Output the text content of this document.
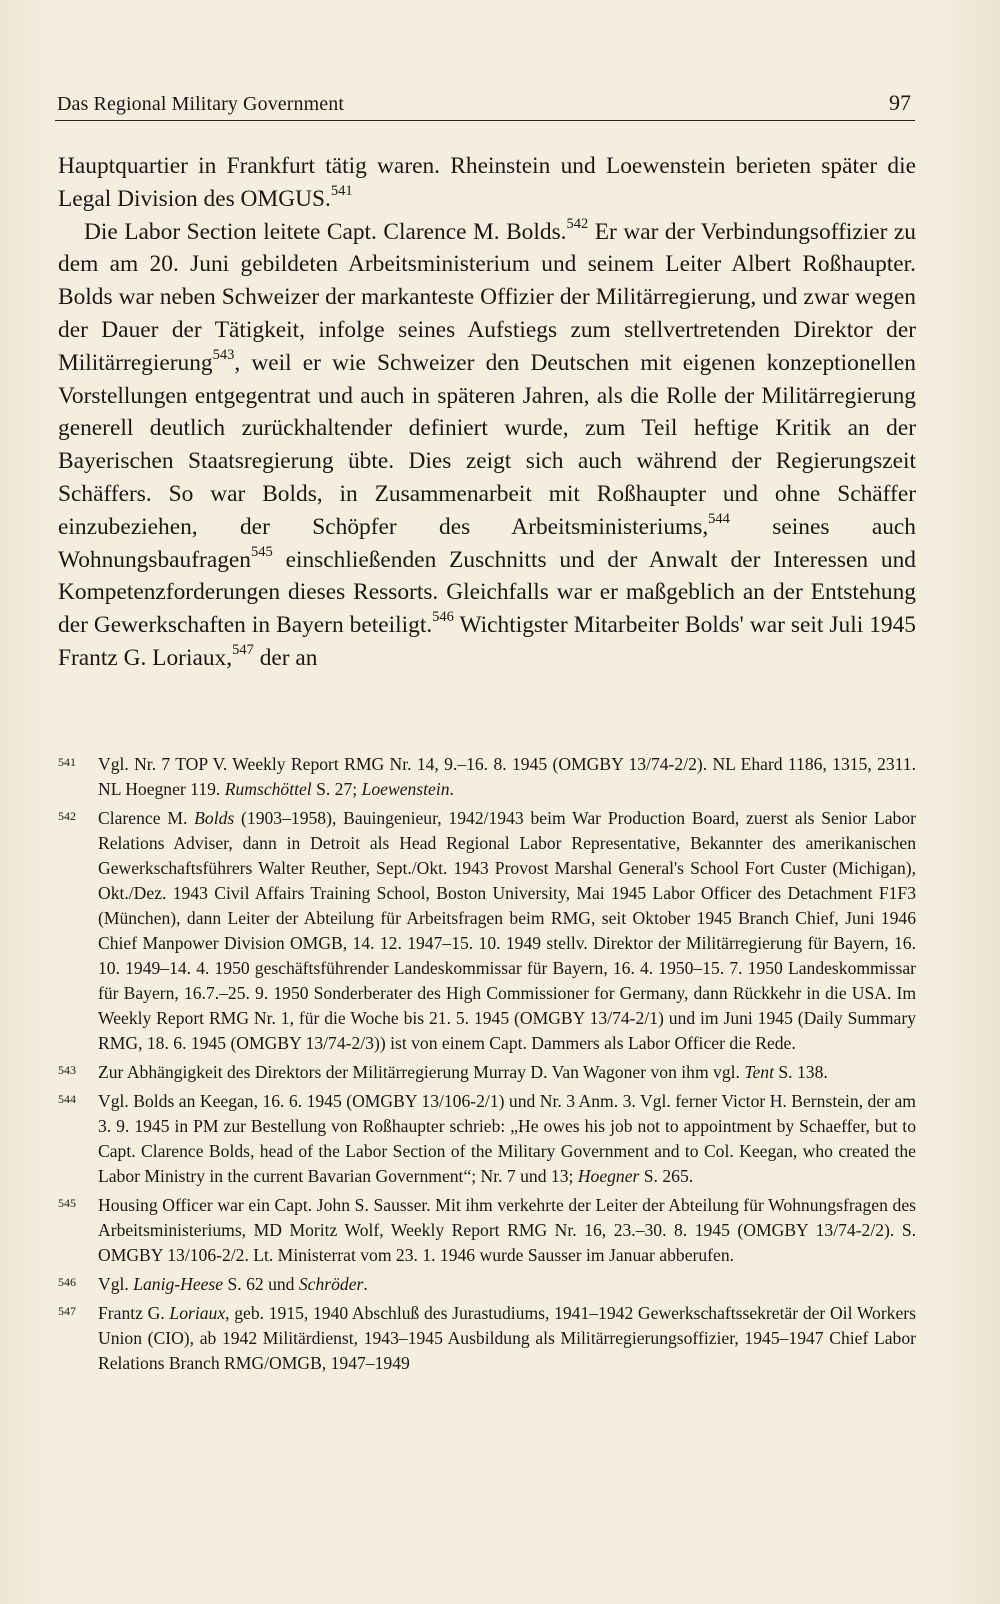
Das Regional Military Government	97

Hauptquartier in Frankfurt tätig waren. Rheinstein und Loewenstein berieten später die Legal Division des OMGUS.$^{541}$

Die Labor Section leitete Capt. Clarence M. Bolds.$^{542}$ Er war der Verbindungsoffizier zu dem am 20. Juni gebildeten Arbeitsministerium und seinem Leiter Albert Roßhaupter. Bolds war neben Schweizer der markanteste Offizier der Militärregierung, und zwar wegen der Dauer der Tätigkeit, infolge seines Aufstiegs zum stellvertretenden Direktor der Militärregierung$^{543}$, weil er wie Schweizer den Deutschen mit eigenen konzeptionellen Vorstellungen entgegentrat und auch in späteren Jahren, als die Rolle der Militärregierung generell deutlich zurückhaltender definiert wurde, zum Teil heftige Kritik an der Bayerischen Staatsregierung übte. Dies zeigt sich auch während der Regierungszeit Schäffers. So war Bolds, in Zusammenarbeit mit Roßhaupter und ohne Schäffer einzubeziehen, der Schöpfer des Arbeitsministeriums,$^{544}$ seines auch Wohnungsbaufragen$^{545}$ einschließenden Zuschnitts und der Anwalt der Interessen und Kompetenzforderungen dieses Ressorts. Gleichfalls war er maßgeblich an der Entstehung der Gewerkschaften in Bayern beteiligt.$^{546}$ Wichtigster Mitarbeiter Bolds' war seit Juli 1945 Frantz G. Loriaux,$^{547}$ der an

541 Vgl. Nr. 7 TOP V. Weekly Report RMG Nr. 14, 9.–16. 8. 1945 (OMGBY 13/74-2/2). NL Ehard 1186, 1315, 2311. NL Hoegner 119. Rumschöttel S. 27; Loewenstein.
542 Clarence M. Bolds (1903–1958), Bauingenieur, 1942/1943 beim War Production Board, zuerst als Senior Labor Relations Adviser, dann in Detroit als Head Regional Labor Representative, Bekannter des amerikanischen Gewerkschaftsführers Walter Reuther, Sept./Okt. 1943 Provost Marshal General's School Fort Custer (Michigan), Okt./Dez. 1943 Civil Affairs Training School, Boston University, Mai 1945 Labor Officer des Detachment F1F3 (München), dann Leiter der Abteilung für Arbeitsfragen beim RMG, seit Oktober 1945 Branch Chief, Juni 1946 Chief Manpower Division OMGB, 14. 12. 1947–15. 10. 1949 stellv. Direktor der Militärregierung für Bayern, 16. 10. 1949–14. 4. 1950 geschäftsführender Landeskommissar für Bayern, 16. 4. 1950–15. 7. 1950 Landeskommissar für Bayern, 16.7.–25. 9. 1950 Sonderberater des High Commissioner for Germany, dann Rückkehr in die USA. Im Weekly Report RMG Nr. 1, für die Woche bis 21. 5. 1945 (OMGBY 13/74-2/1) und im Juni 1945 (Daily Summary RMG, 18. 6. 1945 (OMGBY 13/74-2/3)) ist von einem Capt. Dammers als Labor Officer die Rede.
543 Zur Abhängigkeit des Direktors der Militärregierung Murray D. Van Wagoner von ihm vgl. Tent S. 138.
544 Vgl. Bolds an Keegan, 16. 6. 1945 (OMGBY 13/106-2/1) und Nr. 3 Anm. 3. Vgl. ferner Victor H. Bernstein, der am 3. 9. 1945 in PM zur Bestellung von Roßhaupter schrieb: „He owes his job not to appointment by Schaeffer, but to Capt. Clarence Bolds, head of the Labor Section of the Military Government and to Col. Keegan, who created the Labor Ministry in the current Bavarian Government“; Nr. 7 und 13; Hoegner S. 265.
545 Housing Officer war ein Capt. John S. Sausser. Mit ihm verkehrte der Leiter der Abteilung für Wohnungsfragen des Arbeitsministeriums, MD Moritz Wolf, Weekly Report RMG Nr. 16, 23.–30. 8. 1945 (OMGBY 13/74-2/2). S. OMGBY 13/106-2/2. Lt. Ministerrat vom 23. 1. 1946 wurde Sausser im Januar abberufen.
546 Vgl. Lanig-Heese S. 62 und Schröder.
547 Frantz G. Loriaux, geb. 1915, 1940 Abschluß des Jurastudiums, 1941–1942 Gewerkschaftssekretär der Oil Workers Union (CIO), ab 1942 Militärdienst, 1943–1945 Ausbildung als Militärregierungsoffizier, 1945–1947 Chief Labor Relations Branch RMG/OMGB, 1947–1949
